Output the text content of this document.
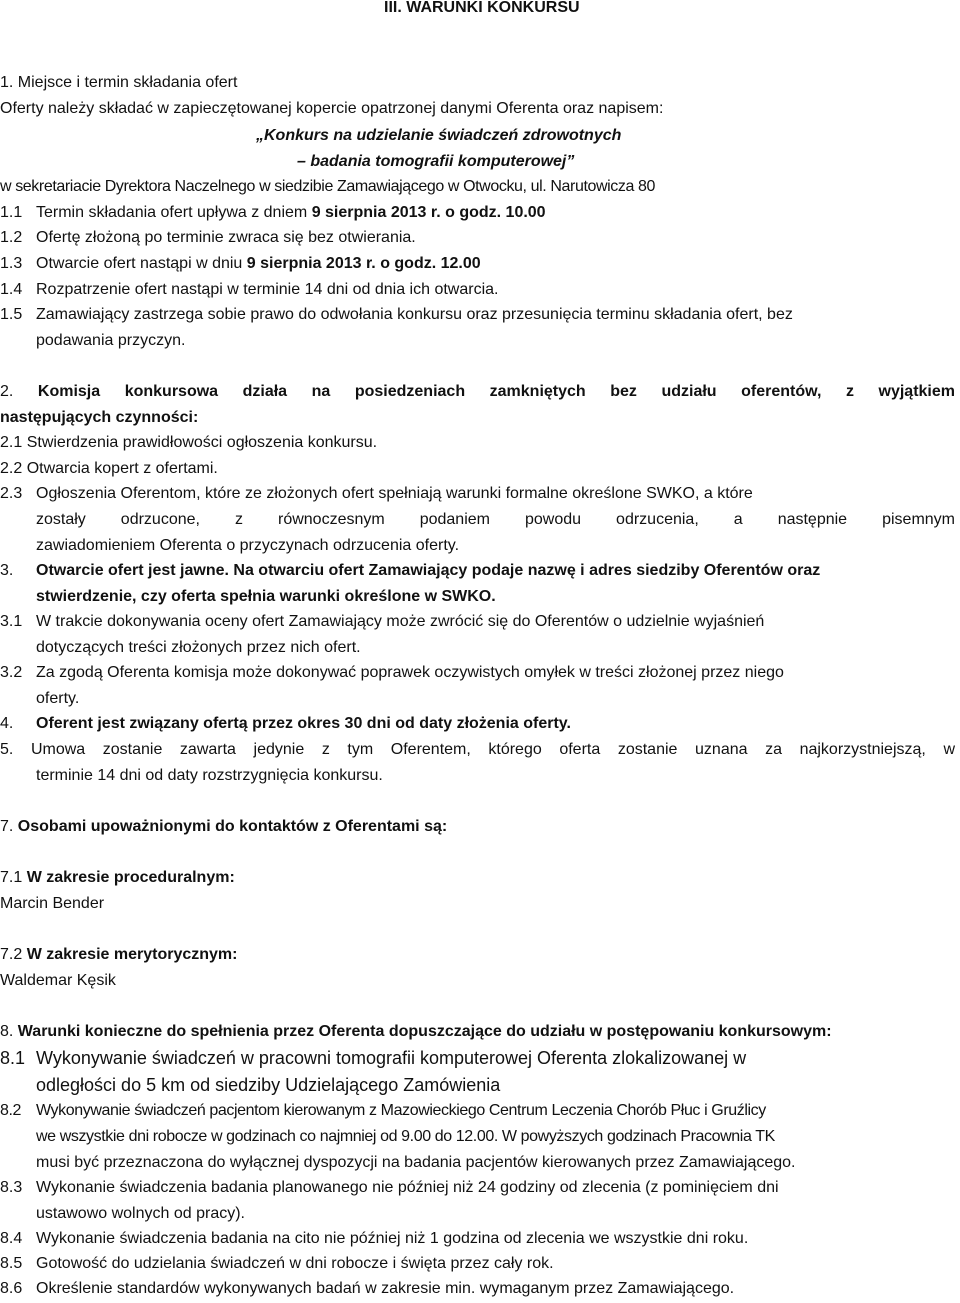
III. WARUNKI KONKURSU
1. Miejsce i termin składania ofert
Oferty należy składać w zapieczętowanej kopercie opatrzonej danymi Oferenta oraz napisem:
„Konkurs na udzielanie świadczeń zdrowotnych
– badania tomografii komputerowej”
w sekretariacie Dyrektora Naczelnego w siedzibie Zamawiającego w Otwocku, ul. Narutowicza 80
1.1 Termin składania ofert upływa z dniem 9 sierpnia 2013 r. o godz. 10.00
1.2 Ofertę złożoną po terminie zwraca się bez otwierania.
1.3 Otwarcie ofert nastąpi w dniu 9 sierpnia 2013 r. o godz. 12.00
1.4 Rozpatrzenie ofert nastąpi w terminie 14 dni od dnia ich otwarcia.
1.5 Zamawiający zastrzega sobie prawo do odwołania konkursu oraz przesunięcia terminu składania ofert, bez
podawania przyczyn.
2. Komisja konkursowa działa na posiedzeniach zamkniętych bez udziału oferentów, z wyjątkiem
następujących czynności:
2.1 Stwierdzenia prawidłowości ogłoszenia konkursu.
2.2 Otwarcia kopert z ofertami.
2.3 Ogłoszenia Oferentom, które ze złożonych ofert spełniają warunki formalne określone SWKO, a które
zostały odrzucone, z równoczesnym podaniem powodu odrzucenia, a następnie pisemnym
zawiadomieniem Oferenta o przyczynach odrzucenia oferty.
3. Otwarcie ofert jest jawne. Na otwarciu ofert Zamawiający podaje nazwę i adres siedziby Oferentów oraz
stwierdzenie, czy oferta spełnia warunki określone w SWKO.
3.1 W trakcie dokonywania oceny ofert Zamawiający może zwrócić się do Oferentów o udzielnie wyjaśnień
dotyczących treści złożonych przez nich ofert.
3.2 Za zgodą Oferenta komisja może dokonywać poprawek oczywistych omyłek w treści złożonej przez niego
oferty.
4. Oferent jest związany ofertą przez okres 30 dni od daty złożenia oferty.
5. Umowa zostanie zawarta jedynie z tym Oferentem, którego oferta zostanie uznana za najkorzystniejszą, w
terminie 14 dni od daty rozstrzygnięcia konkursu.
7. Osobami upoważnionymi do kontaktów z Oferentami są:
7.1 W zakresie proceduralnym:
Marcin Bender
7.2 W zakresie merytorycznym:
Waldemar Kęsik
8. Warunki konieczne do spełnienia przez Oferenta dopuszczające do udziału w postępowaniu konkursowym:
8.1 Wykonywanie świadczeń w pracowni tomografii komputerowej Oferenta zlokalizowanej w
odległości do 5 km od siedziby Udzielającego Zamówienia
8.2 Wykonywanie świadczeń pacjentom kierowanym z Mazowieckiego Centrum Leczenia Chorób Płuc i Gruźlicy
we wszystkie dni robocze w godzinach co najmniej od 9.00 do 12.00. W powyższych godzinach Pracownia TK
musi być przeznaczona do wyłącznej dyspozycji na badania pacjentów kierowanych przez Zamawiającego.
8.3 Wykonanie świadczenia badania planowanego nie później niż 24 godziny od zlecenia (z pominięciem dni
ustawowo wolnych od pracy).
8.4 Wykonanie świadczenia badania na cito nie później niż 1 godzina od zlecenia we wszystkie dni roku.
8.5 Gotowość do udzielania świadczeń w dni robocze i święta przez cały rok.
8.6 Określenie standardów wykonywanych badań w zakresie min. wymaganym przez Zamawiającego.
